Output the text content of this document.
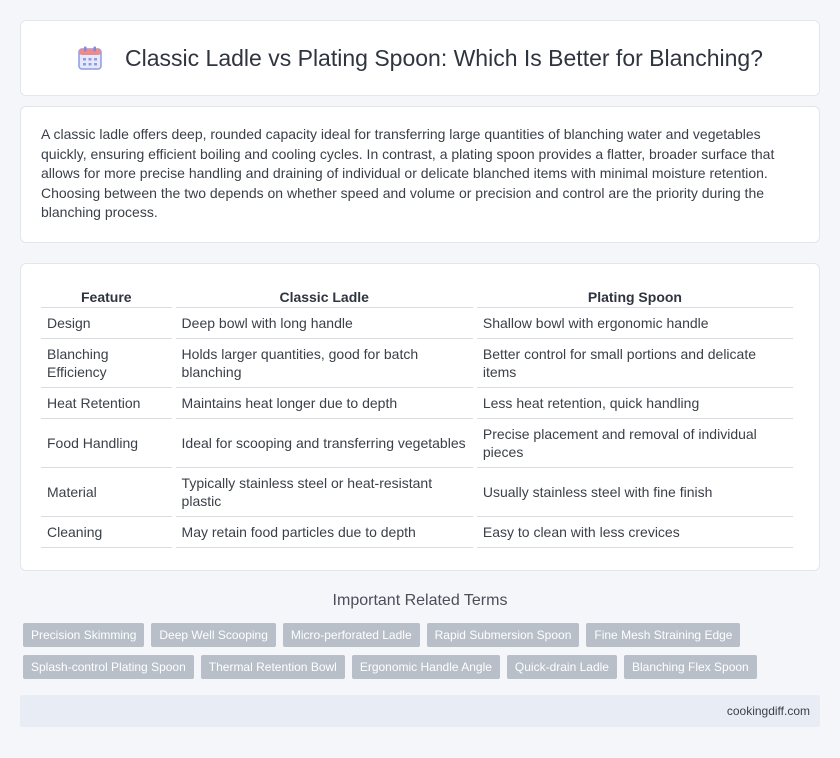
Classic Ladle vs Plating Spoon: Which Is Better for Blanching?

A classic ladle offers deep, rounded capacity ideal for transferring large quantities of blanching water and vegetables quickly, ensuring efficient boiling and cooling cycles. In contrast, a plating spoon provides a flatter, broader surface that allows for more precise handling and draining of individual or delicate blanched items with minimal moisture retention. Choosing between the two depends on whether speed and volume or precision and control are the priority during the blanching process.

Feature	Classic Ladle	Plating Spoon
Design	Deep bowl with long handle	Shallow bowl with ergonomic handle
Blanching Efficiency	Holds larger quantities, good for batch blanching	Better control for small portions and delicate items
Heat Retention	Maintains heat longer due to depth	Less heat retention, quick handling
Food Handling	Ideal for scooping and transferring vegetables	Precise placement and removal of individual pieces
Material	Typically stainless steel or heat-resistant plastic	Usually stainless steel with fine finish
Cleaning	May retain food particles due to depth	Easy to clean with less crevices
Important Related Terms
Precision Skimming	Deep Well Scooping	Micro-perforated Ladle	Rapid Submersion Spoon	Fine Mesh Straining Edge
Splash-control Plating Spoon	Thermal Retention Bowl	Ergonomic Handle Angle	Quick-drain Ladle	Blanching Flex Spoon
cookingdiff.com
